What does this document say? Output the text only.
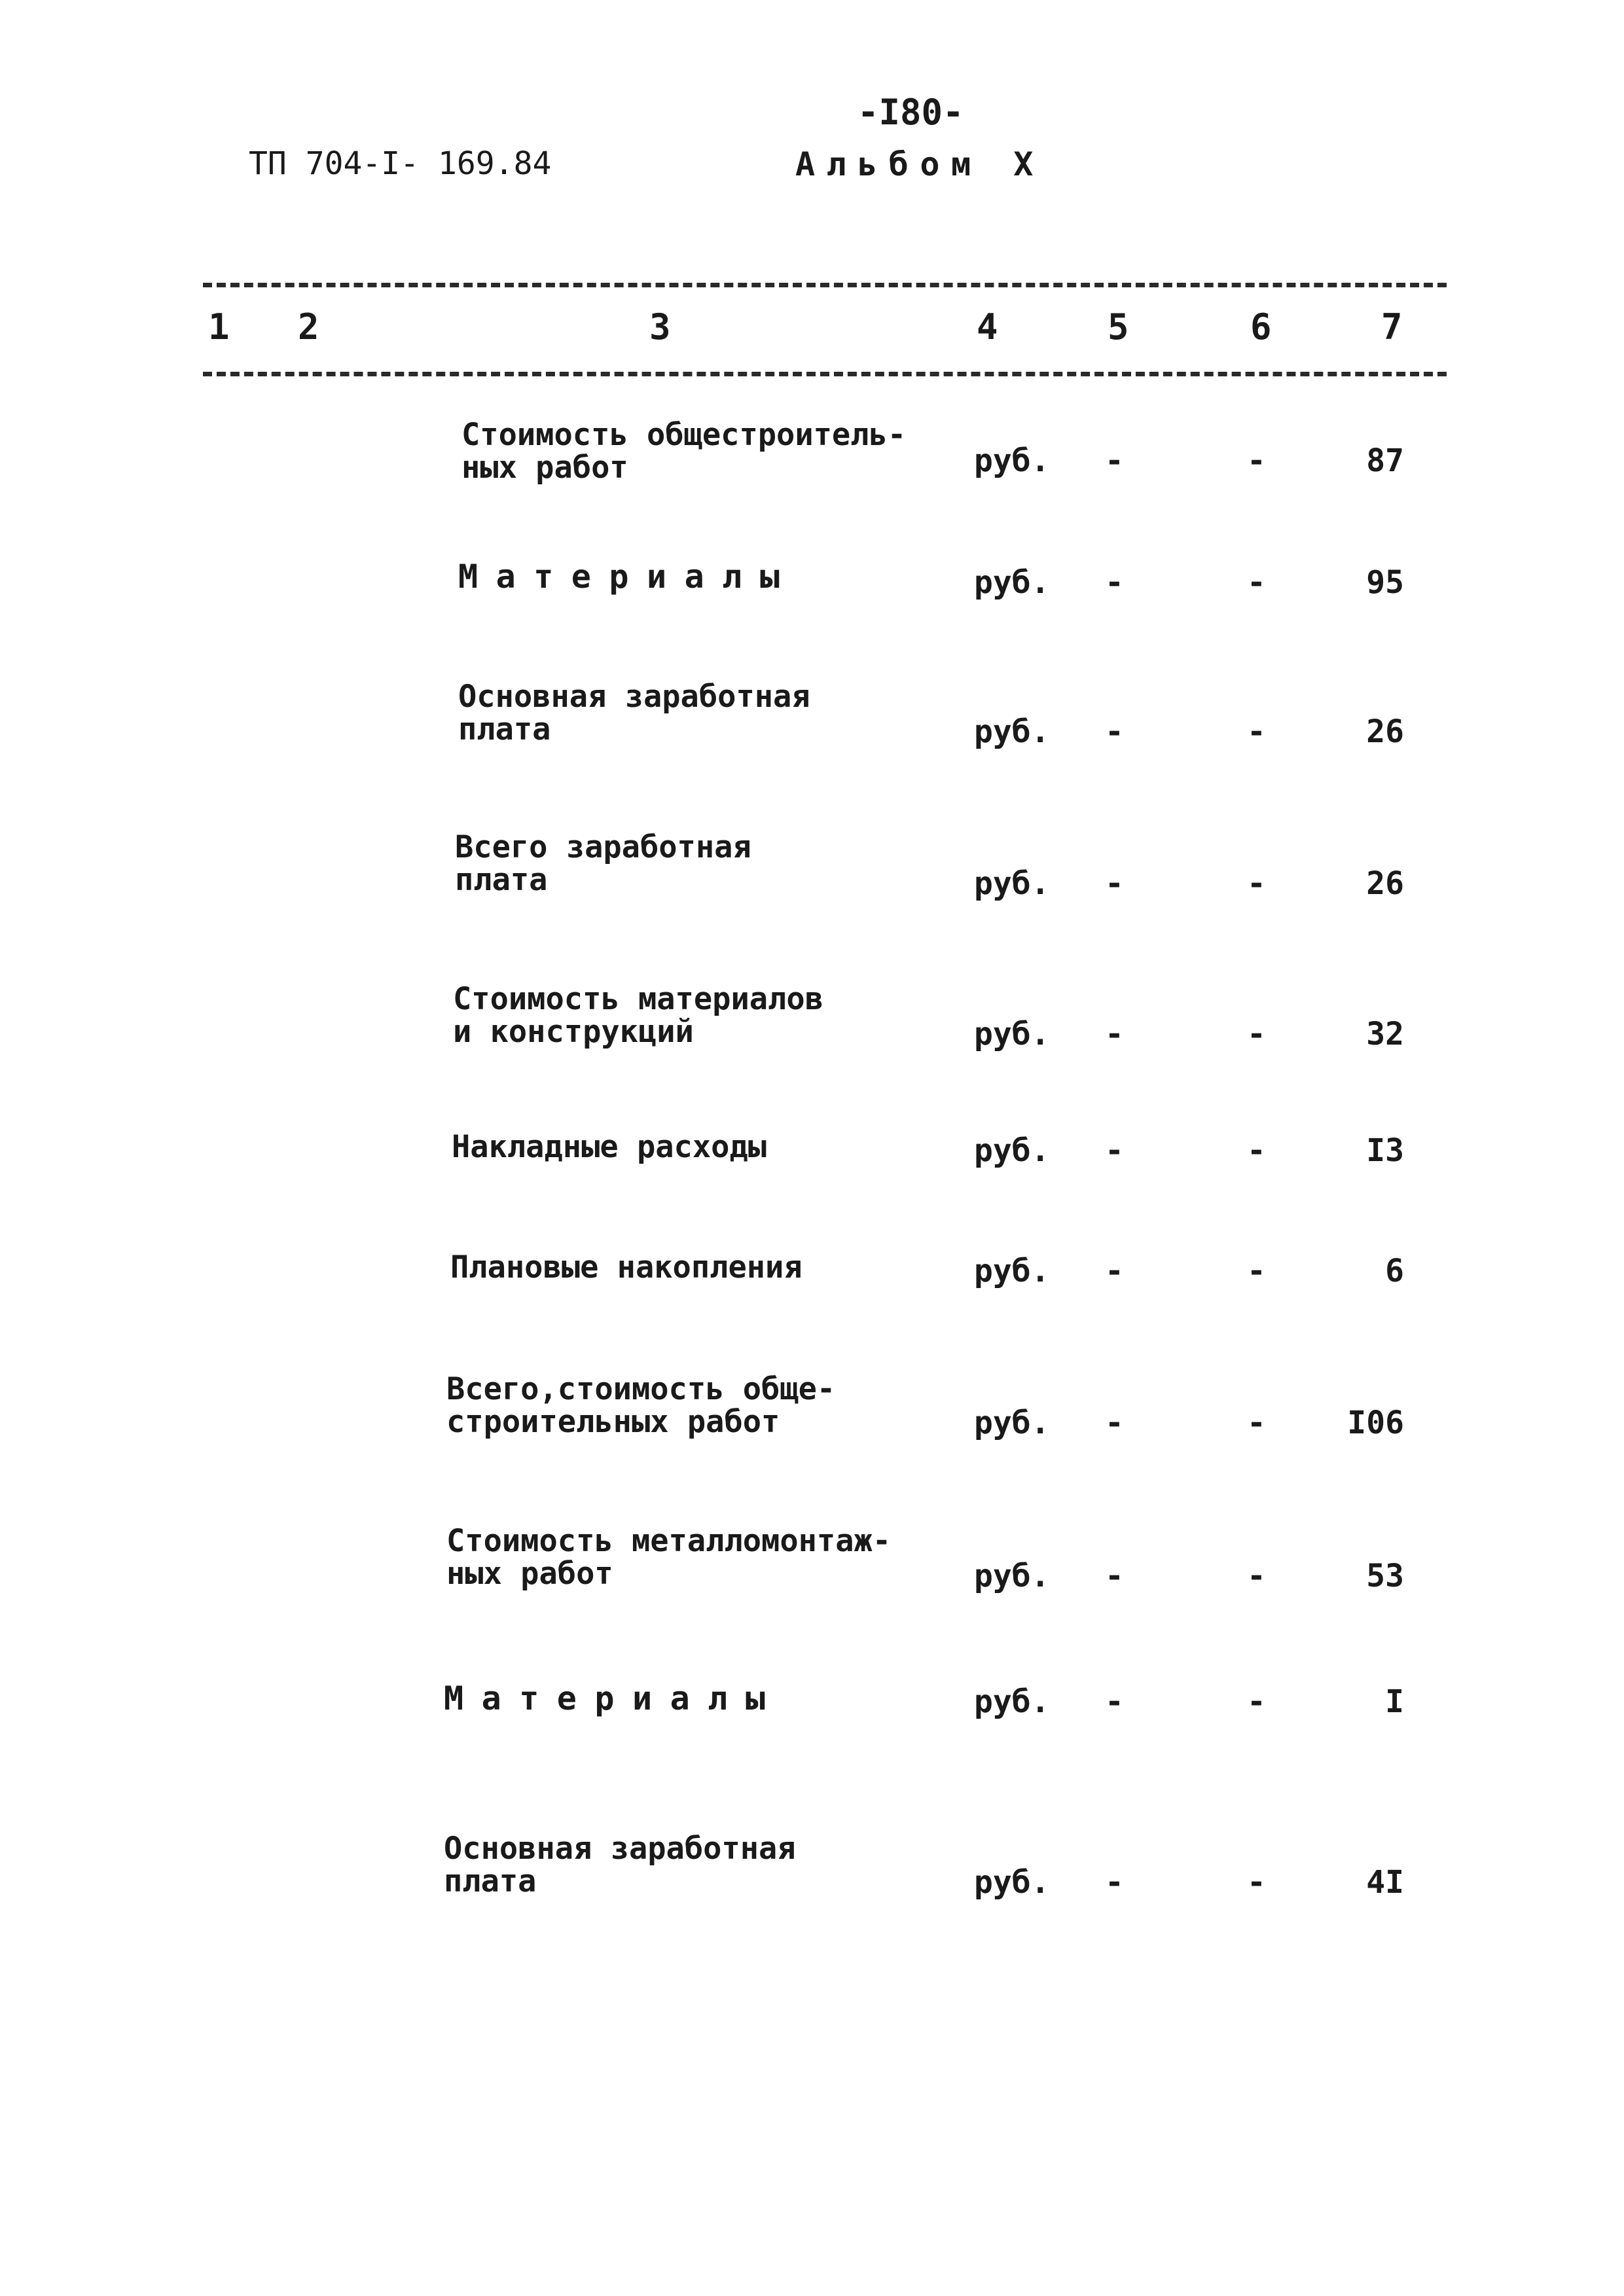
-I80-
ТП 704-I- 169.84	Альбом X
1 2	3	4	5	6	7
Стоимость общестроитель-
ных работ	руб. -	-	87
Материалы	руб. -	-	95
Основная заработная
плата	руб. -	-	26
Всего заработная
плата	руб. -	-	26
Стоимость материалов
и конструкций	руб. -	-	32
Накладные расходы	руб. -	-	I3
Плановые накопления	руб. -	-	6
Всего,стоимость обще-
строительных работ	руб. -	-	I06
Стоимость металломонтаж-
ных работ	руб. -	-	53
Материалы	руб. -	-	I
Основная заработная
плата	руб. -	-	4I
